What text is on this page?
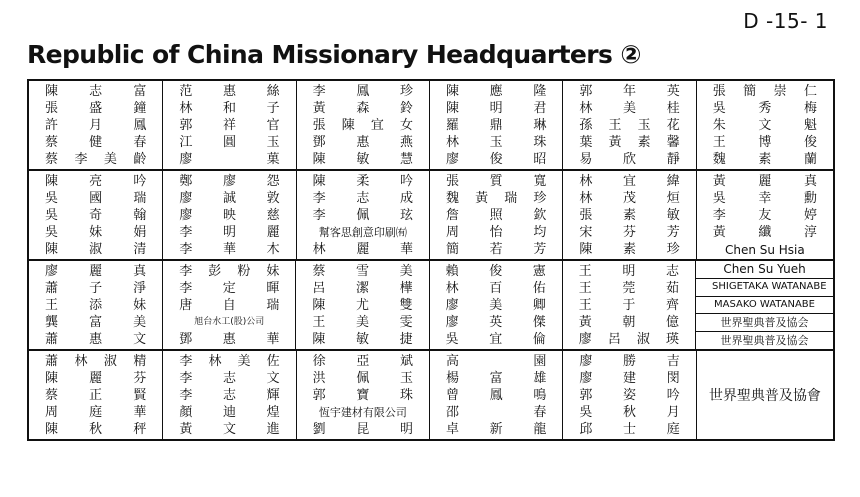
D -15- 1
Republic of China Missionary Headquarters ②
陳志富
張盛鐘
許月鳳
蔡健春
蔡李美齡
范惠絲
林和子
郭祥官
江圓玉
廖菓
李鳳珍
黃森鈴
張陳宜女
鄧惠燕
陳敏慧
陳應隆
陳明君
羅鼎琳
林玉珠
廖俊昭
郭年英
林美桂
孫王玉花
葉黃素馨
易欣靜
張簡崇仁
吳秀梅
朱文魁
王博俊
魏素蘭
陳亮吟
吳國瑞
吳奇翰
吳妹娟
陳淑清
鄭廖怨
廖誠敦
廖映慈
李明麗
李華木
陳柔吟
李志成
李佩玹
幫客思創意印刷㈲
林麗華
張質寬
魏黃瑞珍
詹照欽
周怡均
簡若芳
林宜緯
林茂烜
張素敏
宋芬芳
陳素珍
黃麗真
吳幸勳
李友婷
黃纖淳
Chen Su Hsia
廖麗真
蕭子淨
王添妹
龔富美
蕭惠文
李彭粉妹
李定暉
唐自瑞
旭台水工(股)公司
鄧惠華
蔡雪美
呂潔樺
陳尤雙
王美雯
陳敏捷
賴俊憲
林百佑
廖美卿
廖英傑
吳宜倫
王明志
王莞茹
王于齊
黃朝億
廖呂淑瑛
Chen Su Yueh
SHIGETAKA WATANABE
MASAKO WATANABE
世界聖典普及協会
世界聖典普及協会
蕭林淑精
陳麗芬
蔡正賢
周庭華
陳秋秤
李林美佐
李志文
李志輝
顏迪煌
黃文進
徐亞斌
洪佩玉
郭寶珠
恆宇建材有限公司
劉昆明
高園
楊富雄
曾鳳鳴
邵春
卓新龍
廖勝吉
廖建閔
郭姿吟
吳秋月
邱士庭
世界聖典普及協會
